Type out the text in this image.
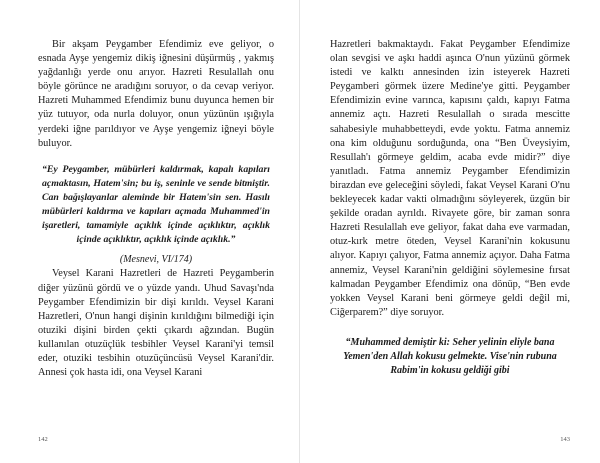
Bir akşam Peygamber Efendimiz eve geliyor, o esnada Ayşe yengemiz dikiş iğnesini düşürmüş , yakmış yağdanlığı yerde onu arıyor. Hazreti Resulallah onu böyle görünce ne aradığını soruyor, o da cevap veriyor. Hazreti Muhammed Efendimiz bunu duyunca hemen bir yüz tutuyor, oda nurla doluyor, onun yüzünün ışığıyla yerdeki iğne parıldıyor ve Ayşe yengemiz iğneyi böyle buluyor.

“Ey Peygamber, mübürleri kaldırmak, kapalı kapıları açmaktasın, Hatem'sin; bu iş, seninle ve sende bitmiştir. Can bağışlayanlar aleminde bir Hatem'sin sen. Hasılı mübürleri kaldırma ve kapıları açmada Muhammed'in işaretleri, tamamiyle açıklık içinde açıklıktır, açıklık içinde açıklıktır, açıklık içinde açıklık.”
(Mesnevi, VI/174)

Veysel Karani Hazretleri de Hazreti Peygamberin diğer yüzünü gördü ve o yüzde yandı. Uhud Savaşı'nda Peygamber Efendimizin bir dişi kırıldı. Veysel Karani Hazretleri, O'nun hangi dişinin kırıldığını bilmediği için otuziki dişini birden çekti çıkardı ağzından. Bugün kullanılan otuzüçlük tesbihler Veysel Karani'yi temsil eder, otuziki tesbihin otuzüçüncüsü Veysel Karani'dir. Annesi çok hasta idi, ona Veysel Karani

142

Hazretleri bakmaktaydı. Fakat Peygamber Efendimize olan sevgisi ve aşkı haddi aşınca O'nun yüzünü görmek istedi ve kalktı annesinden izin isteyerek Hazreti Peygamberi görmek üzere Medine'ye gitti. Peygamber Efendimizin evine varınca, kapısını çaldı, kapıyı Fatma annemiz açtı. Hazreti Resulallah o sırada mescitte sahabesiyle muhabbetteydi, evde yoktu. Fatma annemiz ona kim olduğunu sorduğunda, ona “Ben Üveysiyim, Resullah'ı görmeye geldim, acaba evde midir?” diye yanıtladı. Fatma annemiz Peygamber Efendimizin birazdan eve geleceğini söyledi, fakat Veysel Karani O'nu bekleyecek kadar vakti olmadığını söyleyerek, üzgün bir şekilde oradan ayrıldı. Rivayete göre, bir zaman sonra Hazreti Resulallah eve geliyor, fakat daha eve varmadan, otuz-kırk metre öteden, Veysel Karani'nin kokusunu alıyor. Kapıyı çalıyor, Fatma annemiz açıyor. Daha Fatma annemiz, Veysel Karani'nin geldiğini söylemesine fırsat kalmadan Peygamber Efendimiz ona dönüp, “Ben evde yokken Veysel Karani beni görmeye geldi değil mi, Ciğerparem?” diye soruyor.

“Muhammed demiştir ki: Seher yelinin eliyle bana Yemen'den Allah kokusu gelmekte. Vise'nin rubuna Rabim'in kokusu geldiği gibi
143
